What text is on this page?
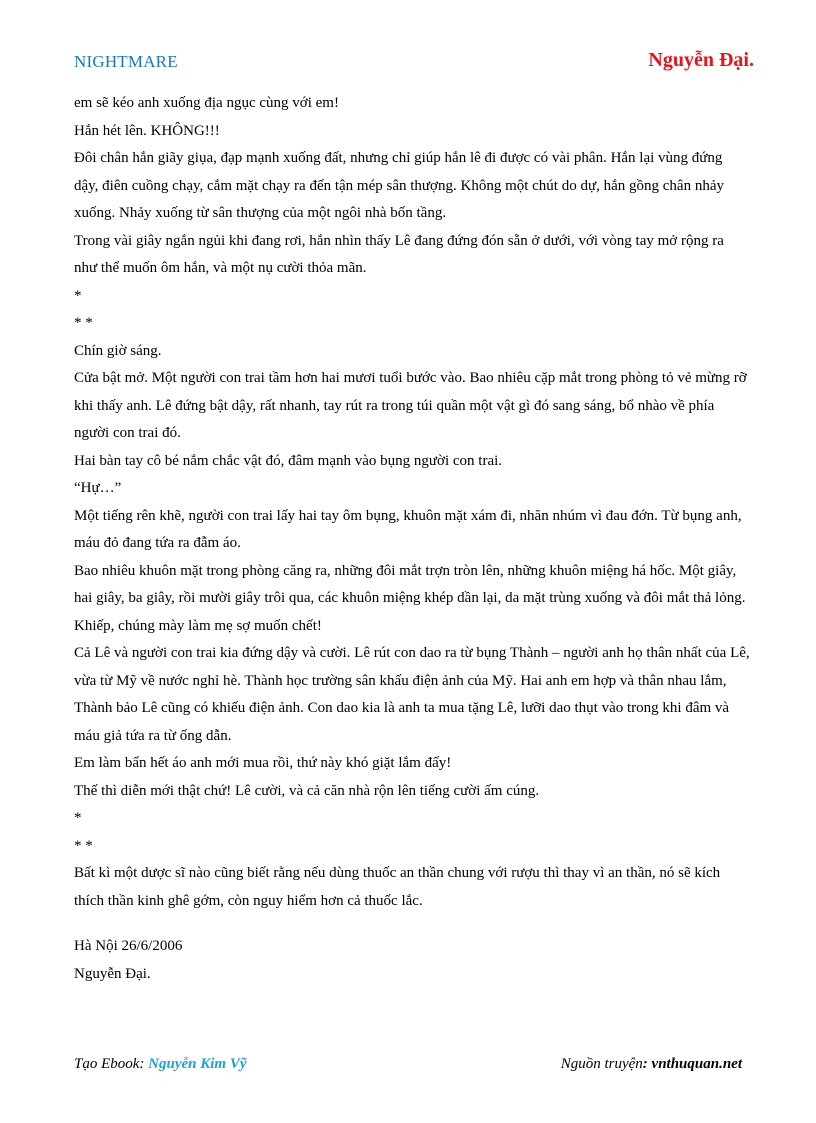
NIGHTMARE	Nguyễn Đại.

em sẽ kéo anh xuống địa ngục cùng với em!

Hắn hét lên. KHÔNG!!!

Đôi chân hắn giãy giụa, đạp mạnh xuống đất, nhưng chỉ giúp hắn lê đi được có vài phân. Hắn lại vùng đứng dậy, điên cuồng chạy, cắm mặt chạy ra đến tận mép sân thượng. Không một chút do dự, hắn gồng chân nhảy xuống. Nhảy xuống từ sân thượng của một ngôi nhà bốn tầng.

Trong vài giây ngắn ngủi khi đang rơi, hắn nhìn thấy Lê đang đứng đón sẵn ở dưới, với vòng tay mở rộng ra như thể muốn ôm hắn, và một nụ cười thỏa mãn.

*

* *

Chín giờ sáng.

Cửa bật mở. Một người con trai tầm hơn hai mươi tuổi bước vào. Bao nhiêu cặp mắt trong phòng tỏ vẻ mừng rỡ khi thấy anh. Lê đứng bật dậy, rất nhanh, tay rút ra trong túi quần một vật gì đó sang sáng, bổ nhào về phía người con trai đó.

Hai bàn tay cô bé nắm chắc vật đó, đâm mạnh vào bụng người con trai.

“Hự…”

Một tiếng rên khẽ, người con trai lấy hai tay ôm bụng, khuôn mặt xám đi, nhăn nhúm vì đau đớn. Từ bụng anh, máu đỏ đang tứa ra đẫm áo.

Bao nhiêu khuôn mặt trong phòng căng ra, những đôi mắt trợn tròn lên, những khuôn miệng há hốc. Một giây, hai giây, ba giây, rồi mười giây trôi qua, các khuôn miệng khép dần lại, da mặt trùng xuống và đôi mắt thả lỏng.

Khiếp, chúng mày làm mẹ sợ muốn chết!

Cả Lê và người con trai kia đứng dậy và cười. Lê rút con dao ra từ bụng Thành – người anh họ thân nhất của Lê, vừa từ Mỹ về nước nghỉ hè. Thành học trường sân khấu điện ảnh của Mỹ. Hai anh em hợp và thân nhau lắm, Thành bảo Lê cũng có khiếu điện ảnh. Con dao kia là anh ta mua tặng Lê, lưỡi dao thụt vào trong khi đâm và máu giả tứa ra từ ống dẫn.

Em làm bẩn hết áo anh mới mua rồi, thứ này khó giặt lắm đấy!

Thế thì diễn mới thật chứ! Lê cười, và cả căn nhà rộn lên tiếng cười ấm cúng.

*

* *

Bất kì một dược sĩ nào cũng biết rằng nếu dùng thuốc an thần chung với rượu thì thay vì an thần, nó sẽ kích thích thần kinh ghê gớm, còn nguy hiểm hơn cả thuốc lắc.

Hà Nội 26/6/2006

Nguyễn Đại.

Tạo Ebook: Nguyễn Kim Vỹ	Nguồn truyện: vnthuquan.net
